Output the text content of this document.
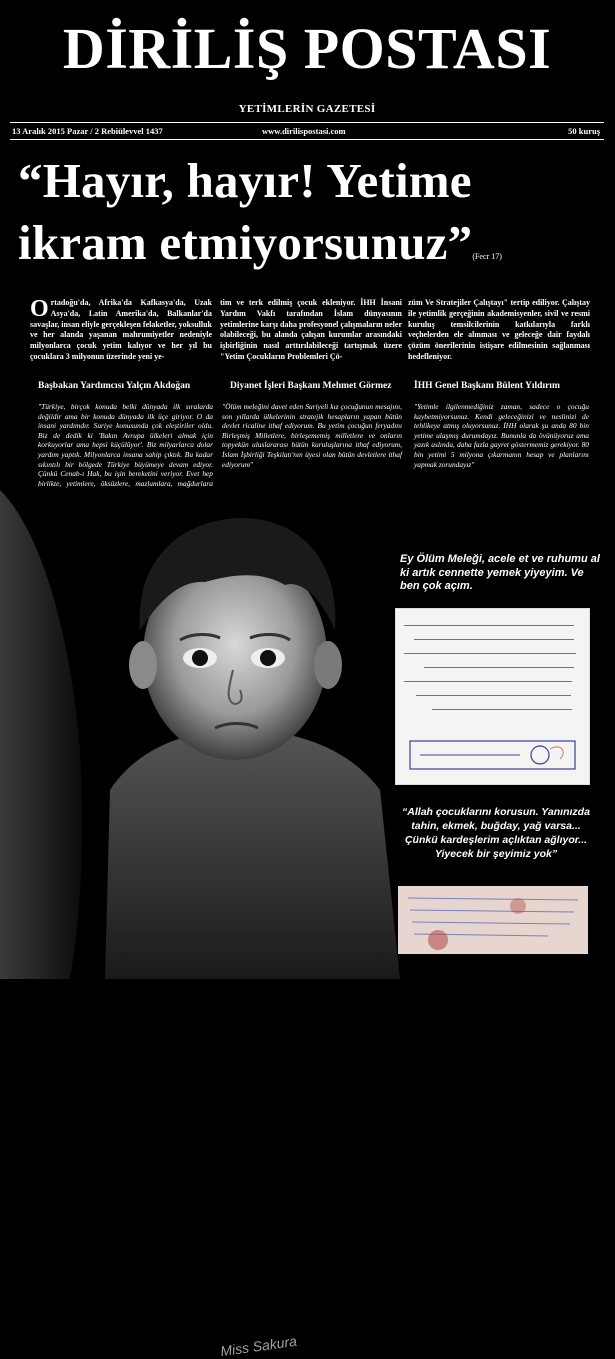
DİRİLİŞ POSTASI
YETİMLERİN GAZETESİ
13 Aralık 2015 Pazar / 2 Rebiülevvel 1437	www.dirilispostasi.com	50 kuruş
“Hayır, hayır! Yetime
ikram etmiyorsunuz”(Fecr 17)
Ortadoğu'da, Afrika'da Kafkasya'da, Uzak Asya'da, Latin Amerika'da, Balkanlar'da savaşlar, insan eliyle gerçekleşen felaketler, yoksulluk ve her alanda yaşanan mahrumiyetler nedeniyle milyonlarca çocuk yetim kalıyor ve her yıl bu çocuklara 3 milyonun üzerinde yeni ye-
tim ve terk edilmiş çocuk ekleniyor. İHH İnsani Yardım Vakfı tarafından İslam dünyasının yetimlerine karşı daha profesyonel çalışmaların neler olabileceği, bu alanda çalışan kurumlar arasındaki işbirliğinin nasıl arttırılabileceği tartışmak üzere "Yetim Çocukların Problemleri Çö-
züm Ve Stratejiler Çalıştayı" tertip ediliyor. Çalıştay ile yetimlik gerçeğinin akademisyenler, sivil ve resmi kuruluş temsilcilerinin katkılarıyla farklı veçhelerden ele alınması ve geleceğe dair faydalı çözüm önerilerinin istişare edilmesinin sağlanması hedefleniyor.
Başbakan Yardımcısı Yalçın Akdoğan
"Türkiye, birçok konuda belki dünyada ilk sıralarda değildir ama bir konuda dünyada ilk üçe giriyor. O da insani yardımdır. Suriye konusunda çok eleştiriler oldu. Biz de dedik ki 'Bakın Avrupa ülkeleri almak için korkuyorlar ama hepsi küçülüyor'. Biz milyarlarca dolar yardım yaptık. Milyonlarca insana sahip çıktık. Bu kadar sıkıntılı bir bölgede Türkiye büyümeye devam ediyor. Çünkü Cenab-ı Hak, bu işin bereketini veriyor. Evet hep birlikte, yetimlere, öksüzlere, mazlumlara, mağdurlara
Diyanet İşleri Başkanı Mehmet Görmez
"Ölüm meleğini davet eden Suriyeli kız çocuğunun mesajını, son yıllarda ülkelerinin stratejik hesapların yapan bütün devlet ricaline ithaf ediyorum. Bu yetim çocuğun feryadını Birleşmiş Milletlere, birleşememiş milletlere ve onların topyekün uluslararası bütün kuruluşlarına ithaf ediyorum, İslam İşbirliği Teşkilatı'nın üyesi olan bütün devletlere ithaf ediyorum"
İHH Genel Başkanı Bülent Yıldırım
"Yetimle ilgilenmediğiniz zaman, sadece o çocuğu kaybetmiyorsunuz. Kendi geleceğinizi ve neslinizi de tehlikeye atmış oluyorsunuz. İHH olarak şu anda 80 bin yetime ulaşmış durumdayız. Bununla da övünüyoruz ama yazık aslında, daha fazla gayret göstermemiz gerekiyor. 80 bin yetimi 5 milyona çıkarmanın hesap ve planlarını yapmak zorundayız"
Miss Sakura
Ey Ölüm Meleği, acele et ve ruhumu al ki artık cennette yemek yiyeyim. Ve ben çok açım.
“Allah çocuklarını korusun. Yanınızda tahin, ekmek, buğday, yağ varsa... Çünkü kardeşlerim açlıktan ağlıyor... Yiyecek bir şeyimiz yok”
